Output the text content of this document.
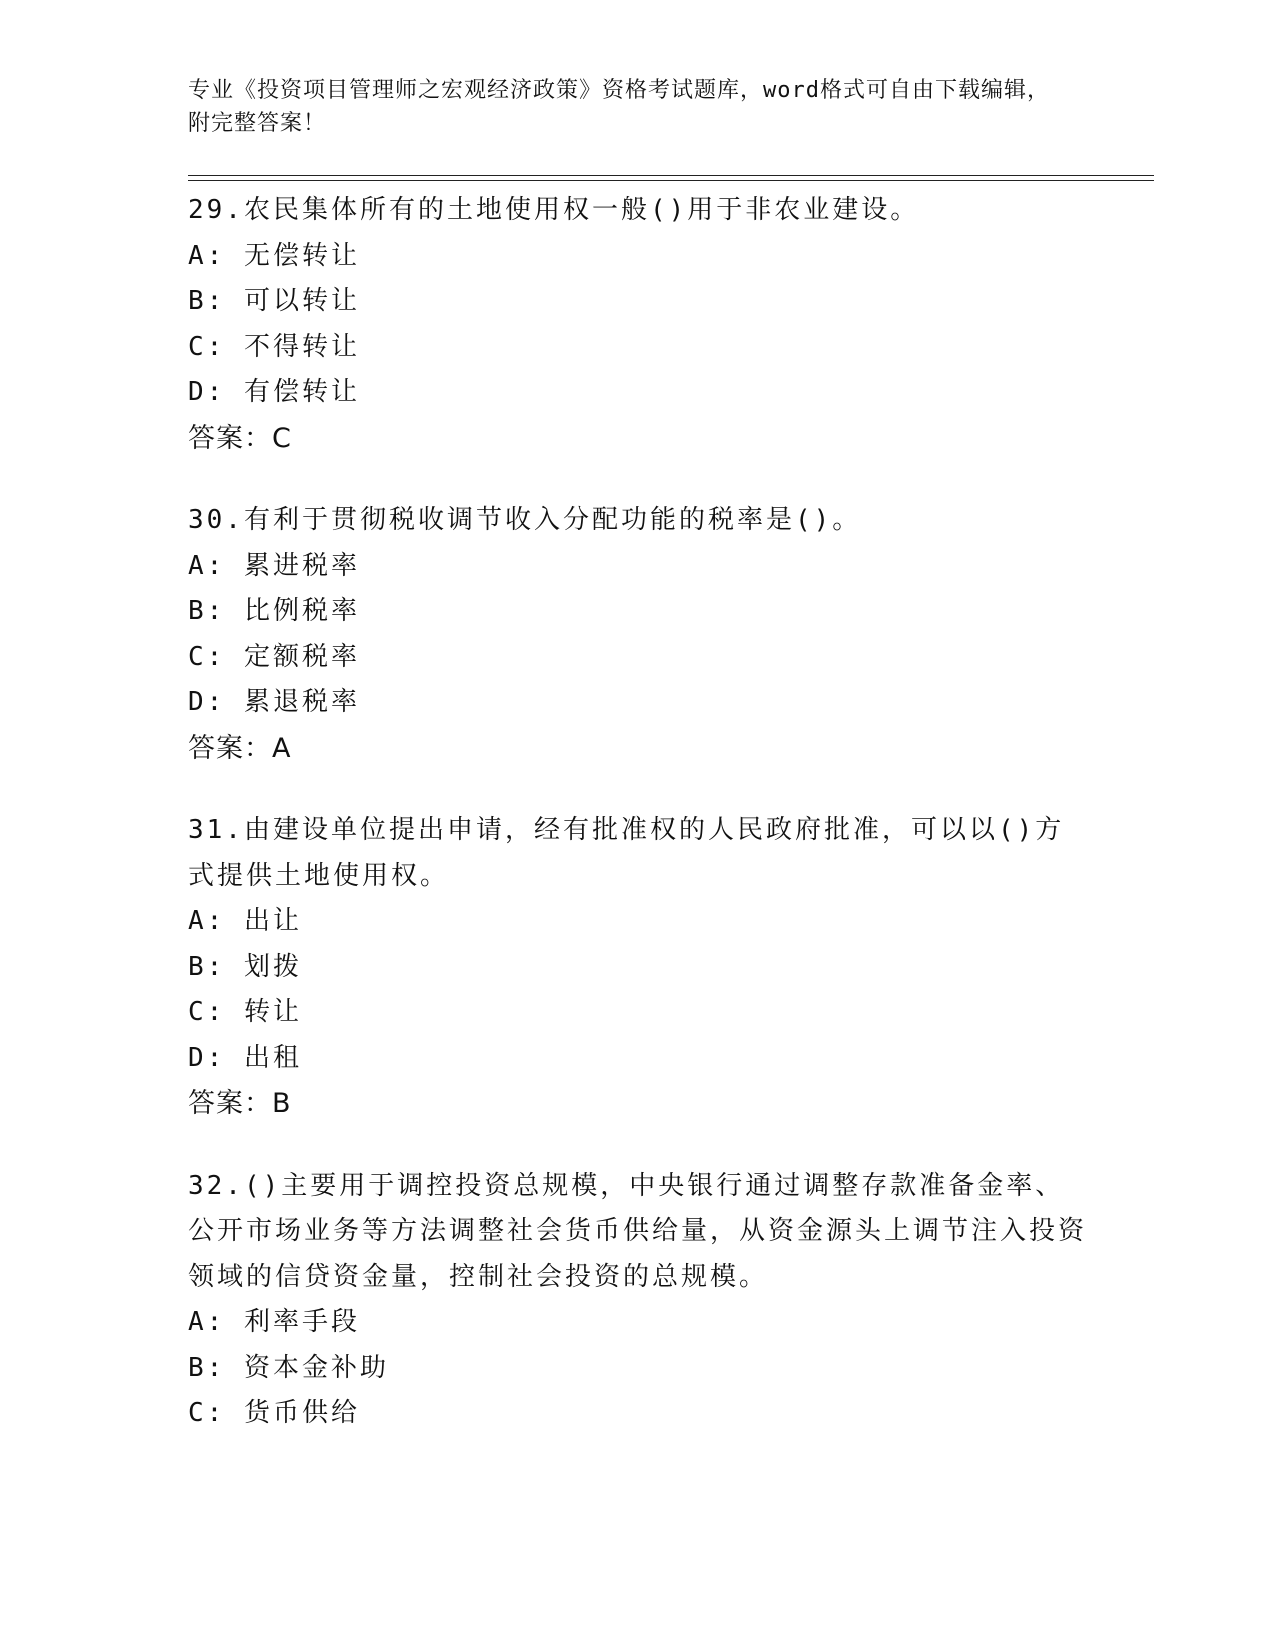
专业《投资项目管理师之宏观经济政策》资格考试题库，word格式可自由下载编辑，附完整答案！
29.农民集体所有的土地使用权一般()用于非农业建设。
A: 无偿转让
B: 可以转让
C: 不得转让
D: 有偿转让
答案：C
30.有利于贯彻税收调节收入分配功能的税率是()。
A: 累进税率
B: 比例税率
C: 定额税率
D: 累退税率
答案：A
31.由建设单位提出申请，经有批准权的人民政府批准，可以以()方式提供土地使用权。
A: 出让
B: 划拨
C: 转让
D: 出租
答案：B
32.()主要用于调控投资总规模，中央银行通过调整存款准备金率、公开市场业务等方法调整社会货币供给量，从资金源头上调节注入投资领域的信贷资金量，控制社会投资的总规模。
A: 利率手段
B: 资本金补助
C: 货币供给
